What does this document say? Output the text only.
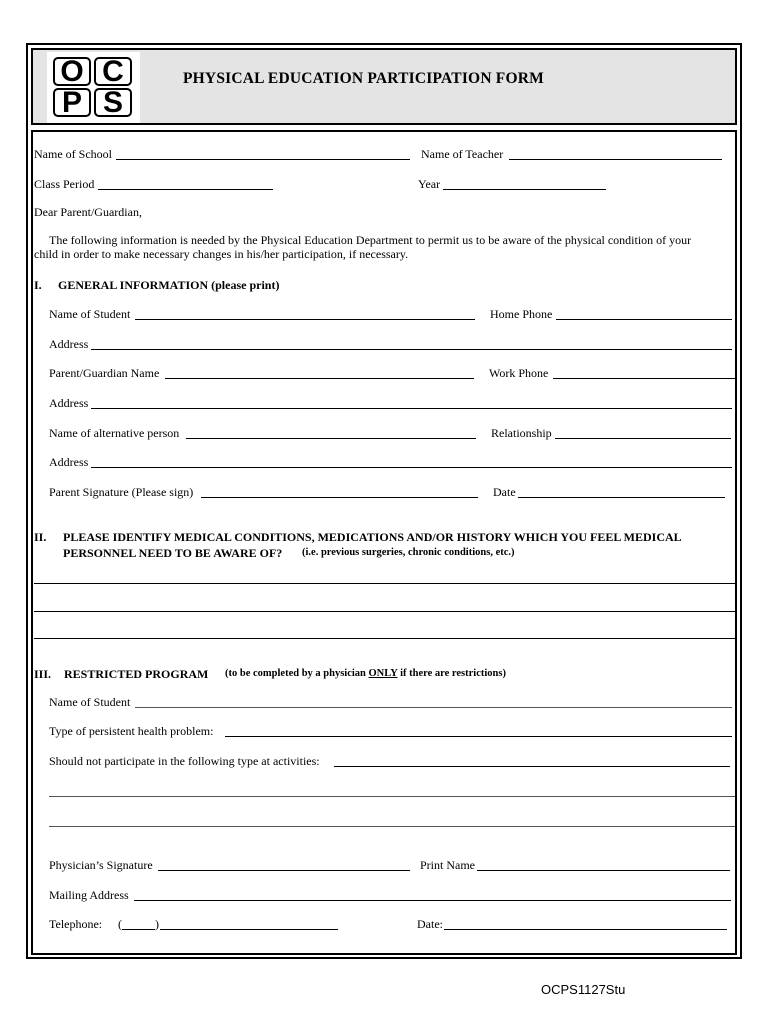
O C
P S
PHYSICAL EDUCATION PARTICIPATION FORM
Name of School	Name of Teacher
Class Period	Year
Dear Parent/Guardian,
The following information is needed by the Physical Education Department to permit us to be aware of the physical condition of your
child in order to make necessary changes in his/her participation, if necessary.
I. GENERAL INFORMATION (please print)
Name of Student	Home Phone
Address
Parent/Guardian Name	Work Phone
Address
Name of alternative person	Relationship
Address
Parent Signature (Please sign)	Date
II. PLEASE IDENTIFY MEDICAL CONDITIONS, MEDICATIONS AND/OR HISTORY WHICH YOU FEEL MEDICAL
PERSONNEL NEED TO BE AWARE OF? (i.e. previous surgeries, chronic conditions, etc.)
III. RESTRICTED PROGRAM (to be completed by a physician ONLY if there are restrictions)
Name of Student
Type of persistent health problem:
Should not participate in the following type at activities:
Physician’s Signature	Print Name
Mailing Address
Telephone: (	)	Date:
OCPS1127Stu
